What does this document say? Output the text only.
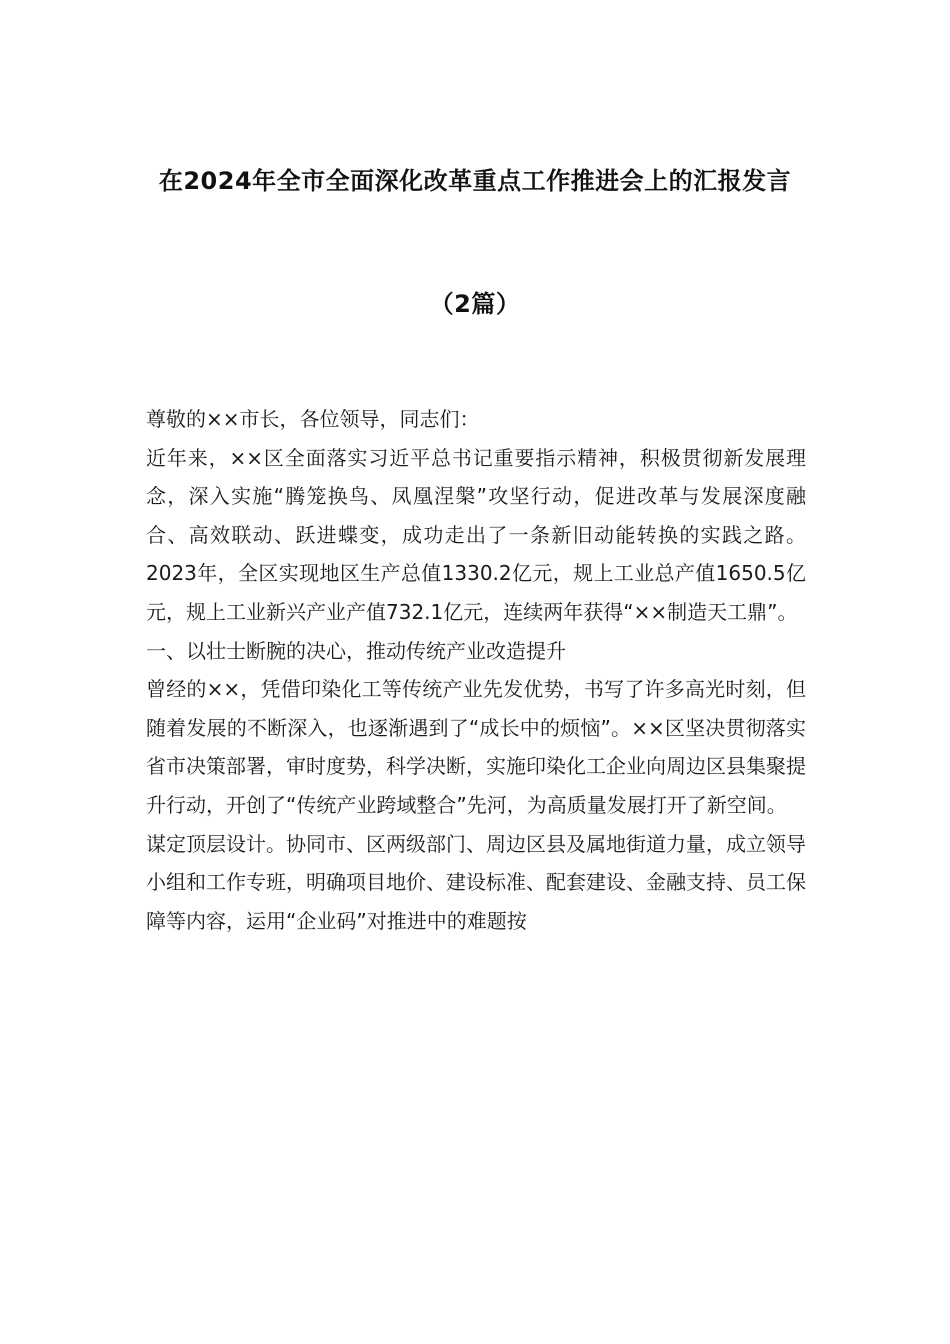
在2024年全市全面深化改革重点工作推进会上的汇报发言
（2篇）

尊敬的××市长，各位领导，同志们：

近年来，××区全面落实习近平总书记重要指示精神，积极贯彻新发展理念，深入实施“腾笼换鸟、凤凰涅槃”攻坚行动，促进改革与发展深度融合、高效联动、跃进蝶变，成功走出了一条新旧动能转换的实践之路。2023年，全区实现地区生产总值1330.2亿元，规上工业总产值1650.5亿元，规上工业新兴产业产值732.1亿元，连续两年获得“××制造天工鼎”。

一、以壮士断腕的决心，推动传统产业改造提升

曾经的××，凭借印染化工等传统产业先发优势，书写了许多高光时刻，但随着发展的不断深入，也逐渐遇到了“成长中的烦恼”。××区坚决贯彻落实省市决策部署，审时度势，科学决断，实施印染化工企业向周边区县集聚提升行动，开创了“传统产业跨域整合”先河，为高质量发展打开了新空间。

谋定顶层设计。协同市、区两级部门、周边区县及属地街道力量，成立领导小组和工作专班，明确项目地价、建设标准、配套建设、金融支持、员工保障等内容，运用“企业码”对推进中的难题按
